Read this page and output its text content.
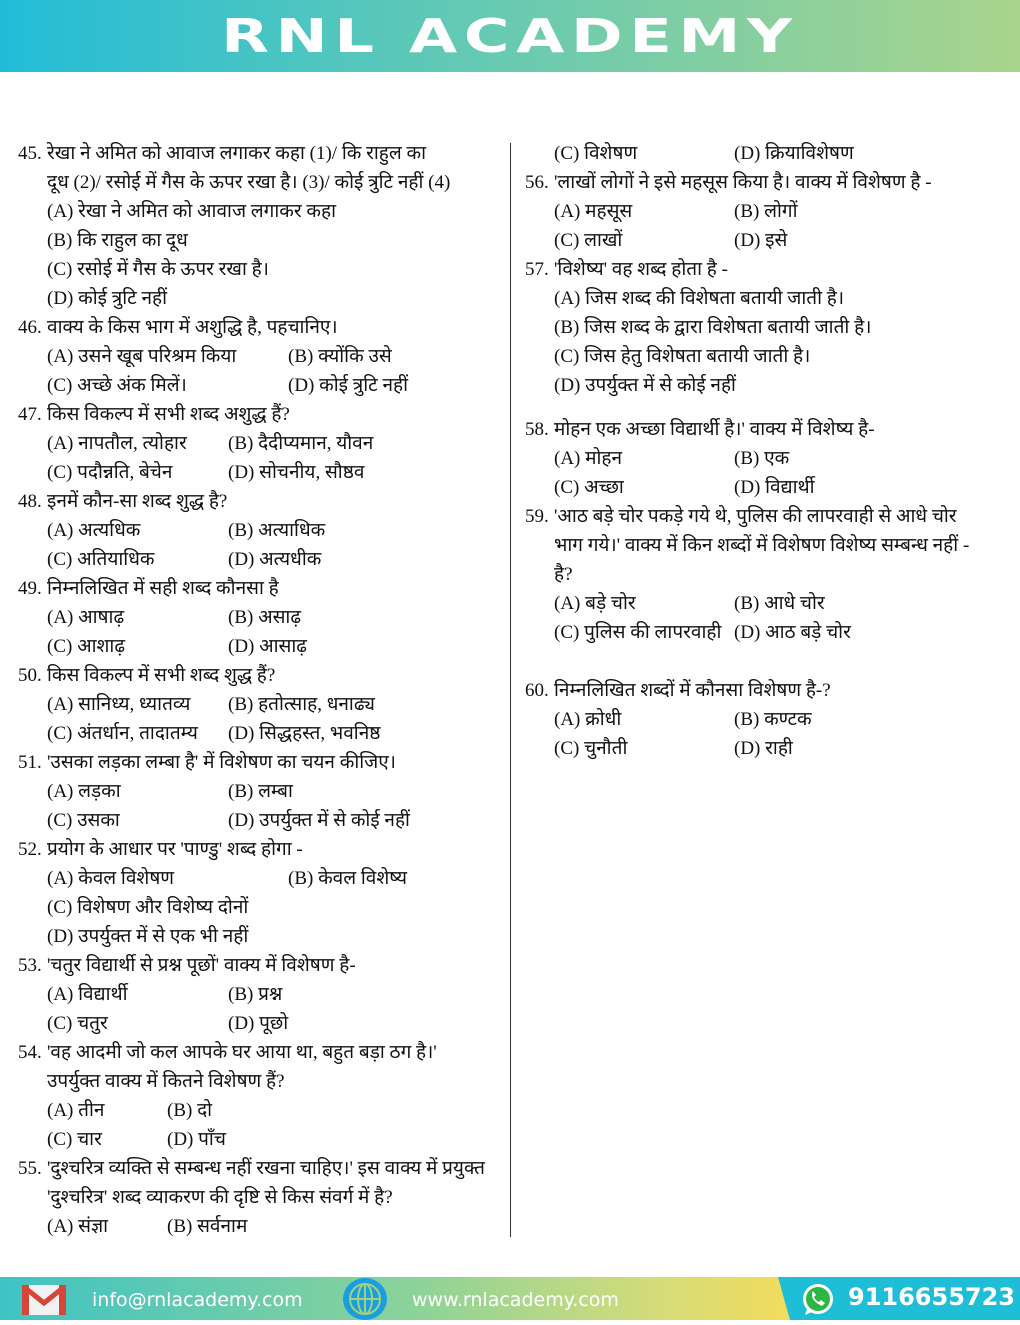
RNL ACADEMY
45. रेखा ने अमित को आवाज लगाकर कहा (1)/ कि राहुल का
दूध (2)/ रसोई में गैस के ऊपर रखा है। (3)/ कोई त्रुटि नहीं (4)
(A) रेखा ने अमित को आवाज लगाकर कहा
(B) कि राहुल का दूध
(C) रसोई में गैस के ऊपर रखा है।
(D) कोई त्रुटि नहीं
46. वाक्य के किस भाग में अशुद्धि है, पहचानिए।
(A) उसने खूब परिश्रम किया	(B) क्योंकि उसे
(C) अच्छे अंक मिलें।	(D) कोई त्रुटि नहीं
47. किस विकल्प में सभी शब्द अशुद्ध हैं?
(A) नापतौल, त्योहार (B) दैदीप्यमान, यौवन
(C) पदौन्नति, बेचेन	(D) सोचनीय, सौष्ठव
48. इनमें कौन-सा शब्द शुद्ध है?
(A) अत्यधिक	(B) अत्याधिक
(C) अतियाधिक	(D) अत्यधीक
49. निम्नलिखित में सही शब्द कौनसा है
(A) आषाढ़	(B) असाढ़
(C) आशाढ़	(D) आसाढ़
50. किस विकल्प में सभी शब्द शुद्ध हैं?
(A) सानिध्य, ध्यातव्य (B) हतोत्साह, धनाढ्य
(C) अंतर्धान, तादातम्य (D) सिद्धहस्त, भवनिष्ठ
51. 'उसका लड़का लम्बा है' में विशेषण का चयन कीजिए।
(A) लड़का	(B) लम्बा
(C) उसका	(D) उपर्युक्त में से कोई नहीं
52. प्रयोग के आधार पर 'पाण्डु' शब्द होगा -
(A) केवल विशेषण	(B) केवल विशेष्य
(C) विशेषण और विशेष्य दोनों
(D) उपर्युक्त में से एक भी नहीं
53. 'चतुर विद्यार्थी से प्रश्न पूछों' वाक्य में विशेषण है-
(A) विद्यार्थी	(B) प्रश्न
(C) चतुर	(D) पूछो
54. 'वह आदमी जो कल आपके घर आया था, बहुत बड़ा ठग है।'
उपर्युक्त वाक्य में कितने विशेषण हैं?
(A) तीन	(B) दो
(C) चार	(D) पाँच
55. 'दुश्चरित्र व्यक्ति से सम्बन्ध नहीं रखना चाहिए।' इस वाक्य में प्रयुक्त
'दुश्चरित्र' शब्द व्याकरण की दृष्टि से किस संवर्ग में है?
(A) संज्ञा	(B) सर्वनाम
(C) विशेषण	(D) क्रियाविशेषण
56. 'लाखों लोगों ने इसे महसूस किया है। वाक्य में विशेषण है -
(A) महसूस	(B) लोगों
(C) लाखों	(D) इसे
57. 'विशेष्य' वह शब्द होता है -
(A) जिस शब्द की विशेषता बतायी जाती है।
(B) जिस शब्द के द्वारा विशेषता बतायी जाती है।
(C) जिस हेतु विशेषता बतायी जाती है।
(D) उपर्युक्त में से कोई नहीं
58. मोहन एक अच्छा विद्यार्थी है।' वाक्य में विशेष्य है-
(A) मोहन	(B) एक
(C) अच्छा	(D) विद्यार्थी
59. 'आठ बड़े चोर पकड़े गये थे, पुलिस की लापरवाही से आधे चोर
भाग गये।' वाक्य में किन शब्दों में विशेषण विशेष्य सम्बन्ध नहीं -
है?
(A) बड़े चोर	(B) आधे चोर
(C) पुलिस की लापरवाही (D) आठ बड़े चोर
60. निम्नलिखित शब्दों में कौनसा विशेषण है-?
(A) क्रोधी	(B) कण्टक
(C) चुनौती	(D) राही
info@rnlacademy.com	www.rnlacademy.com	9116655723
